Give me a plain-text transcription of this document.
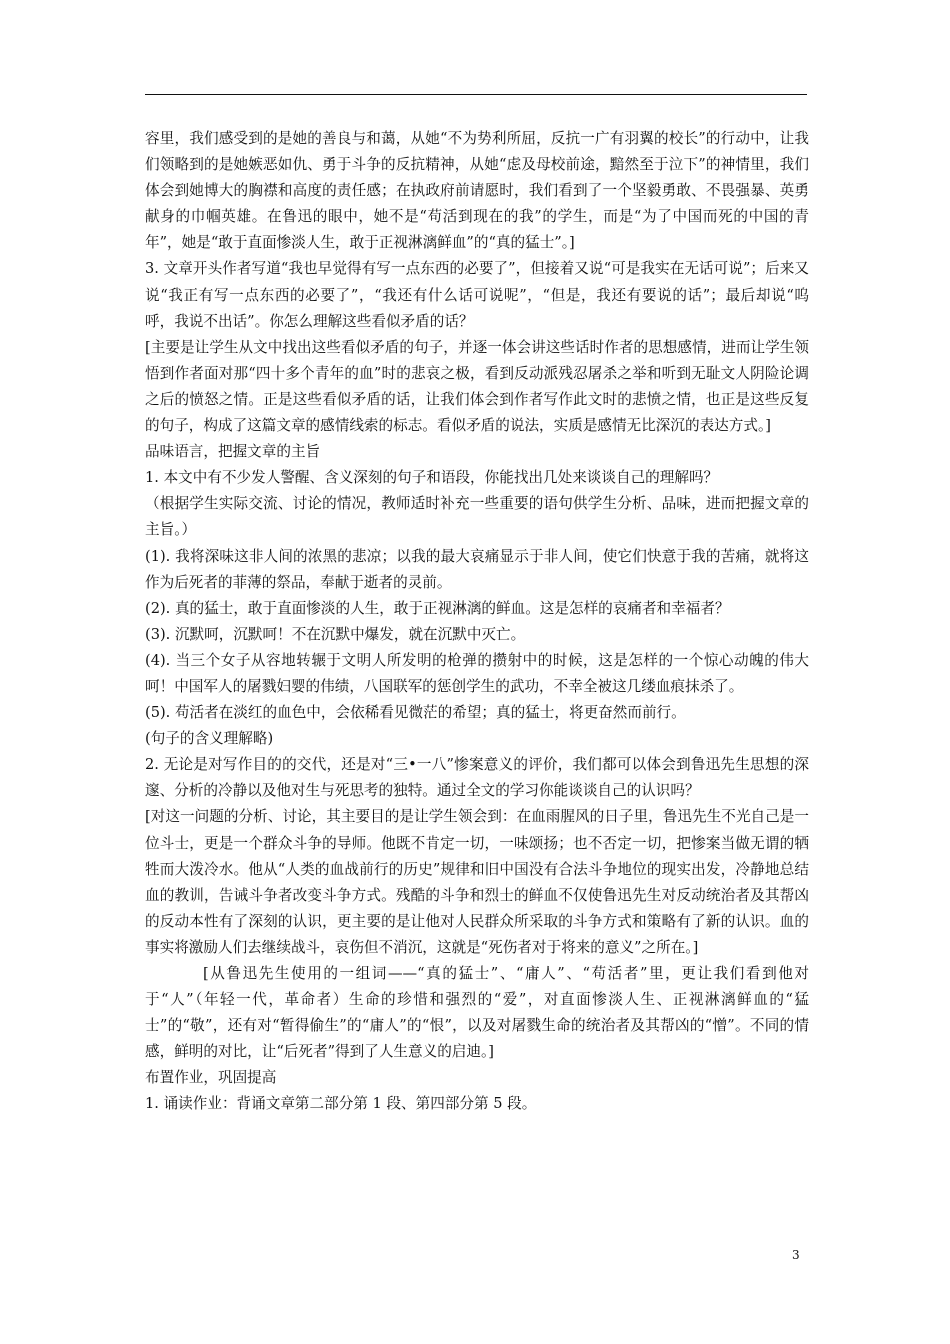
容里，我们感受到的是她的善良与和蔼，从她“不为势利所屈，反抗一广有羽翼的校长”的行动中，让我们领略到的是她嫉恶如仇、勇于斗争的反抗精神，从她“虑及母校前途，黯然至于泣下”的神情里，我们体会到她博大的胸襟和高度的责任感；在执政府前请愿时，我们看到了一个坚毅勇敢、不畏强暴、英勇献身的巾帼英雄。在鲁迅的眼中，她不是“苟活到现在的我”的学生，而是“为了中国而死的中国的青年”，她是“敢于直面惨淡人生，敢于正视淋漓鲜血”的“真的猛士”。]

3. 文章开头作者写道“我也早觉得有写一点东西的必要了”，但接着又说“可是我实在无话可说”；后来又说“我正有写一点东西的必要了”，“我还有什么话可说呢”，“但是，我还有要说的话”；最后却说“呜呼，我说不出话”。你怎么理解这些看似矛盾的话？

[主要是让学生从文中找出这些看似矛盾的句子，并逐一体会讲这些话时作者的思想感情，进而让学生领悟到作者面对那“四十多个青年的血”时的悲哀之极，看到反动派残忍屠杀之举和听到无耻文人阴险论调之后的愤怒之情。正是这些看似矛盾的话，让我们体会到作者写作此文时的悲愤之情，也正是这些反复的句子，构成了这篇文章的感情线索的标志。看似矛盾的说法，实质是感情无比深沉的表达方式。]

品味语言，把握文章的主旨

1. 本文中有不少发人警醒、含义深刻的句子和语段，你能找出几处来谈谈自己的理解吗？

（根据学生实际交流、讨论的情况，教师适时补充一些重要的语句供学生分析、品味，进而把握文章的主旨。）

(1). 我将深味这非人间的浓黑的悲凉；以我的最大哀痛显示于非人间，使它们快意于我的苦痛，就将这作为后死者的菲薄的祭品，奉献于逝者的灵前。

(2). 真的猛士，敢于直面惨淡的人生，敢于正视淋漓的鲜血。这是怎样的哀痛者和幸福者？

(3). 沉默呵，沉默呵！不在沉默中爆发，就在沉默中灭亡。

(4). 当三个女子从容地转辗于文明人所发明的枪弹的攒射中的时候，这是怎样的一个惊心动魄的伟大呵！中国军人的屠戮妇婴的伟绩，八国联军的惩创学生的武功，不幸全被这几缕血痕抹杀了。

(5). 苟活者在淡红的血色中，会依稀看见微茫的希望；真的猛士，将更奋然而前行。

(句子的含义理解略)

2. 无论是对写作目的的交代，还是对“三•一八”惨案意义的评价，我们都可以体会到鲁迅先生思想的深邃、分析的冷静以及他对生与死思考的独特。通过全文的学习你能谈谈自己的认识吗？

[对这一问题的分析、讨论，其主要目的是让学生领会到：在血雨腥风的日子里，鲁迅先生不光自己是一位斗士，更是一个群众斗争的导师。他既不肯定一切，一味颂扬；也不否定一切，把惨案当做无谓的牺牲而大泼冷水。他从“人类的血战前行的历史”规律和旧中国没有合法斗争地位的现实出发，冷静地总结血的教训，告诫斗争者改变斗争方式。残酷的斗争和烈士的鲜血不仅使鲁迅先生对反动统治者及其帮凶的反动本性有了深刻的认识，更主要的是让他对人民群众所采取的斗争方式和策略有了新的认识。血的事实将激励人们去继续战斗，哀伤但不消沉，这就是“死伤者对于将来的意义”之所在。]

[从鲁迅先生使用的一组词——“真的猛士”、“庸人”、“苟活者”里，更让我们看到他对于“人”（年轻一代，革命者）生命的珍惜和强烈的“爱”，对直面惨淡人生、正视淋漓鲜血的“猛士”的“敬”，还有对“暂得偷生”的“庸人”的“恨”，以及对屠戮生命的统治者及其帮凶的“憎”。不同的情感，鲜明的对比，让“后死者”得到了人生意义的启迪。]

布置作业，巩固提高

1. 诵读作业：背诵文章第二部分第 1 段、第四部分第 5 段。

3
